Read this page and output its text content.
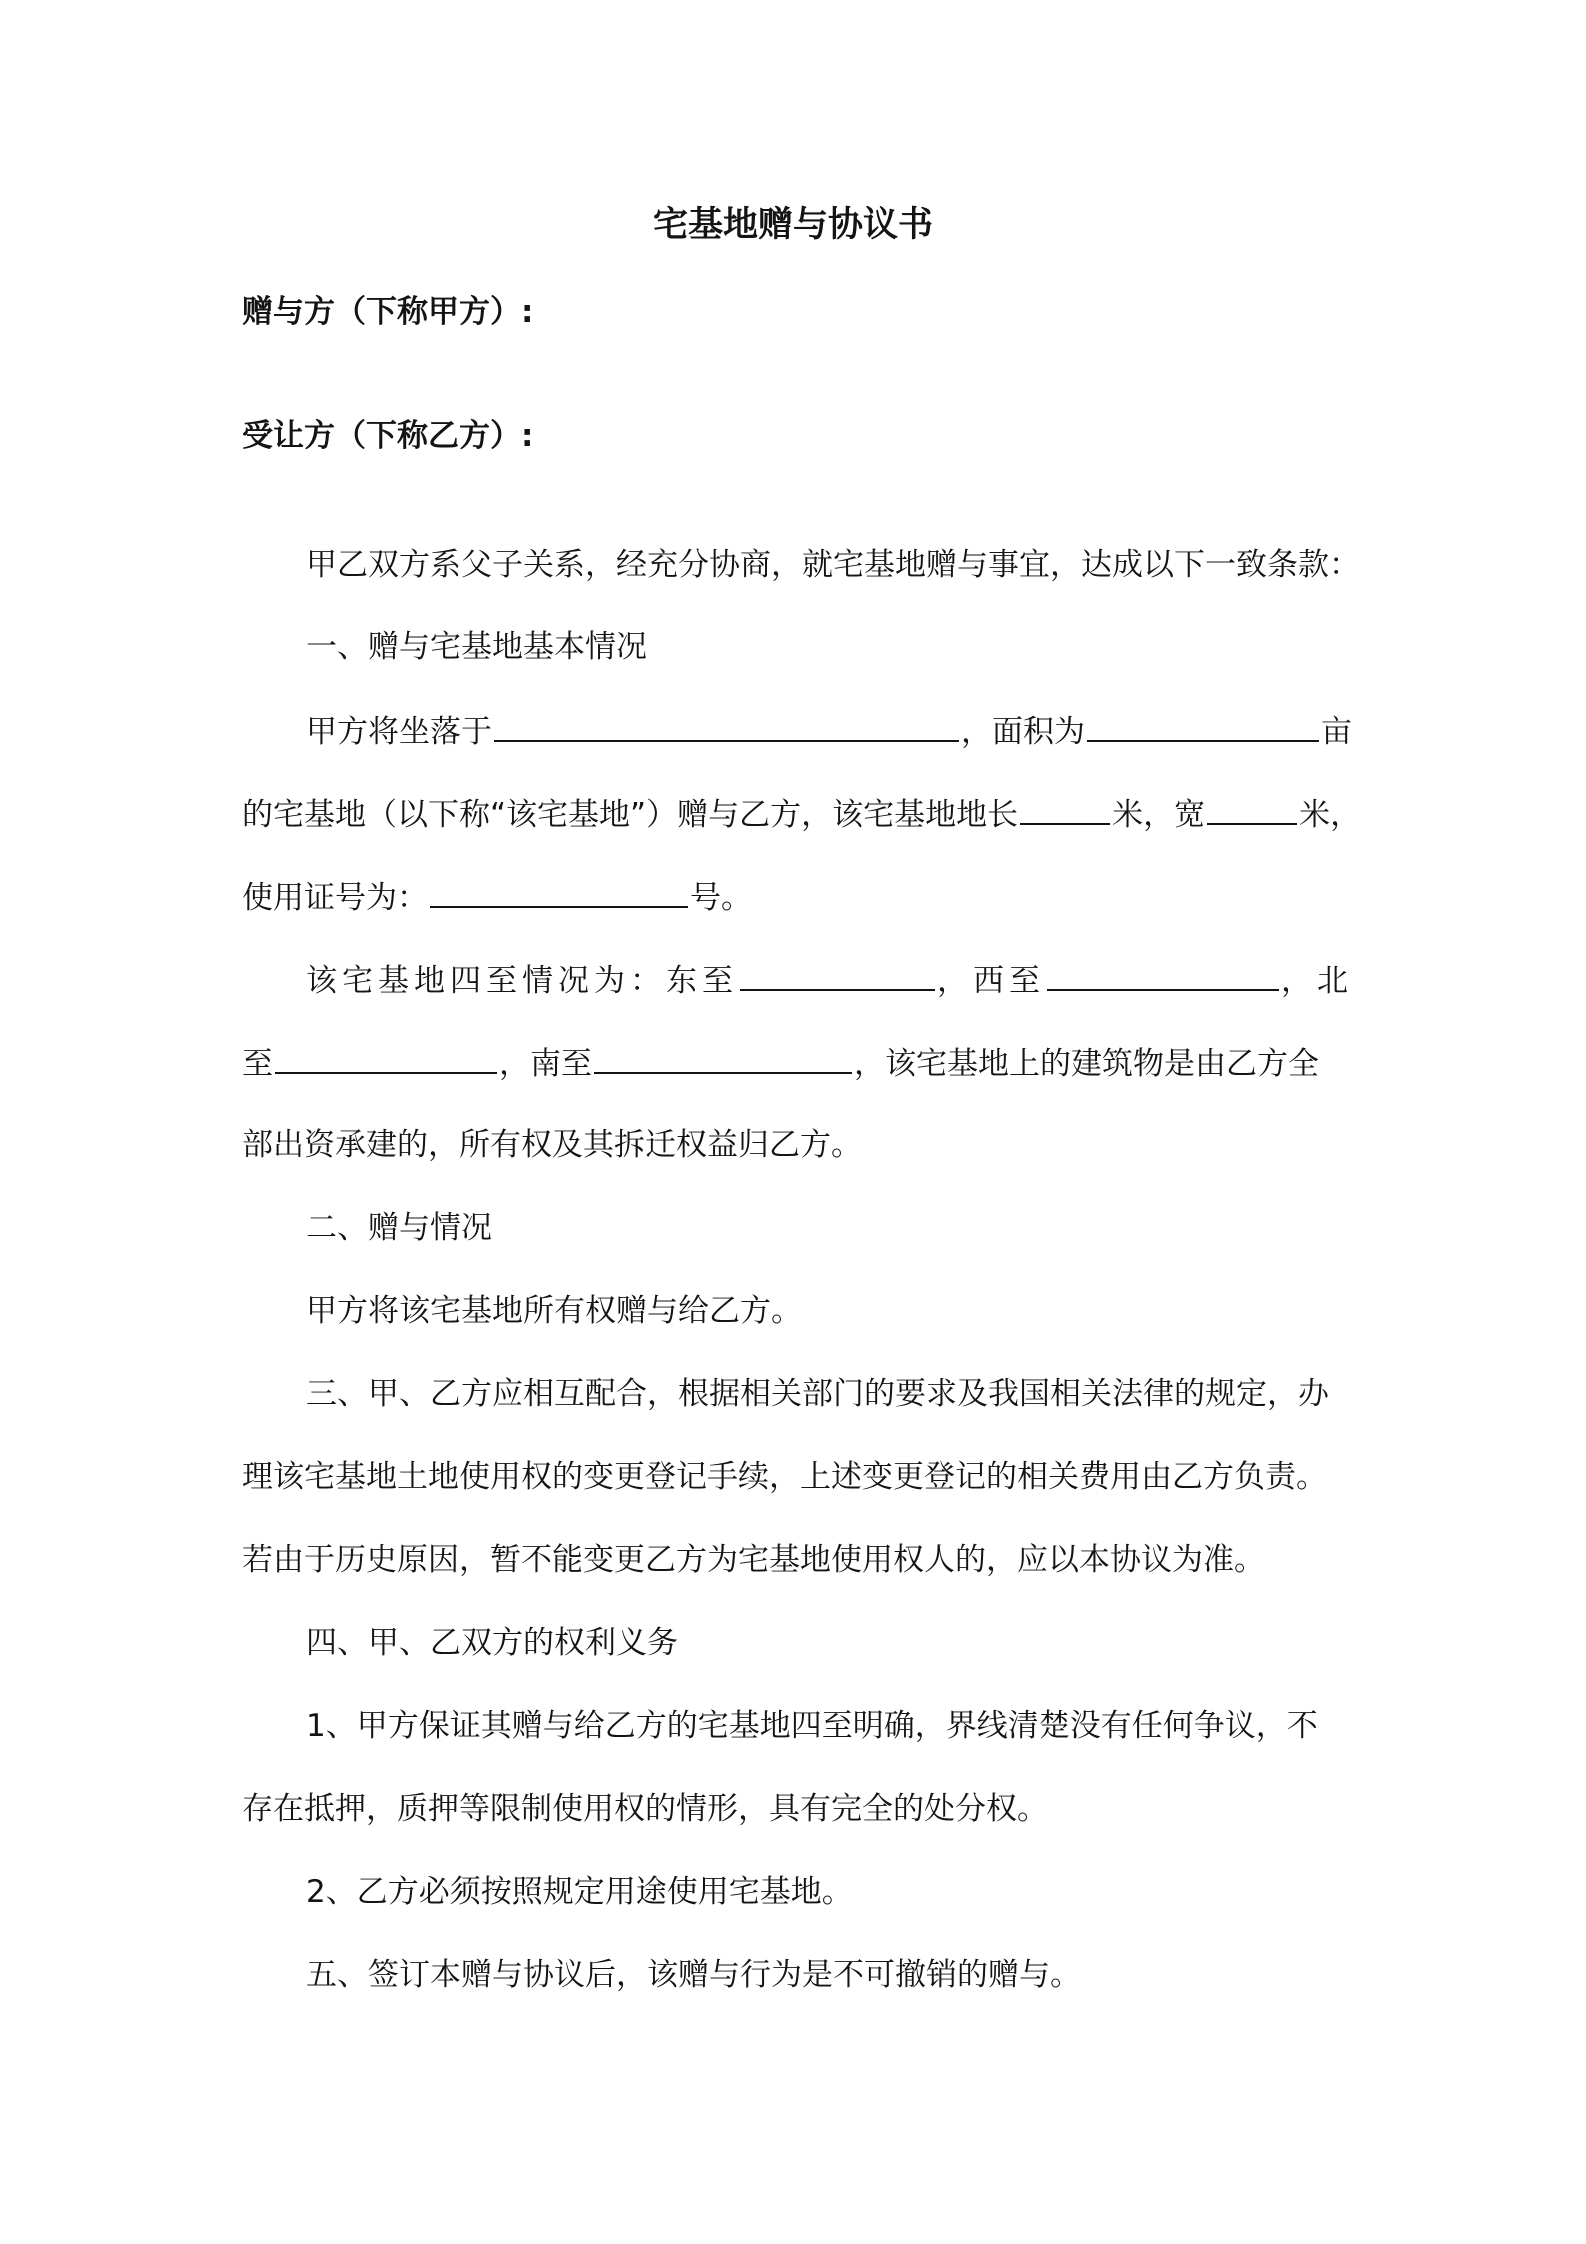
宅基地赠与协议书
赠与方（下称甲方）:
受让方（下称乙方）:
甲乙双方系父子关系，经充分协商，就宅基地赠与事宜，达成以下一致条款：
一、赠与宅基地基本情况
甲方将坐落于	，面积为	亩
的宅基地（以下称“该宅基地”）赠与乙方，该宅基地地长	米，宽	米，
使用证号为：	号。
该宅基地四至情况为：东至	，西至	，北
至	，南至	，该宅基地上的建筑物是由乙方全
部出资承建的，所有权及其拆迁权益归乙方。
二、赠与情况
甲方将该宅基地所有权赠与给乙方。
三、甲、乙方应相互配合，根据相关部门的要求及我国相关法律的规定，办
理该宅基地土地使用权的变更登记手续，上述变更登记的相关费用由乙方负责。
若由于历史原因，暂不能变更乙方为宅基地使用权人的，应以本协议为准。
四、甲、乙双方的权利义务
1、甲方保证其赠与给乙方的宅基地四至明确，界线清楚没有任何争议，不
存在抵押，质押等限制使用权的情形，具有完全的处分权。
2、乙方必须按照规定用途使用宅基地。
五、签订本赠与协议后，该赠与行为是不可撤销的赠与。
